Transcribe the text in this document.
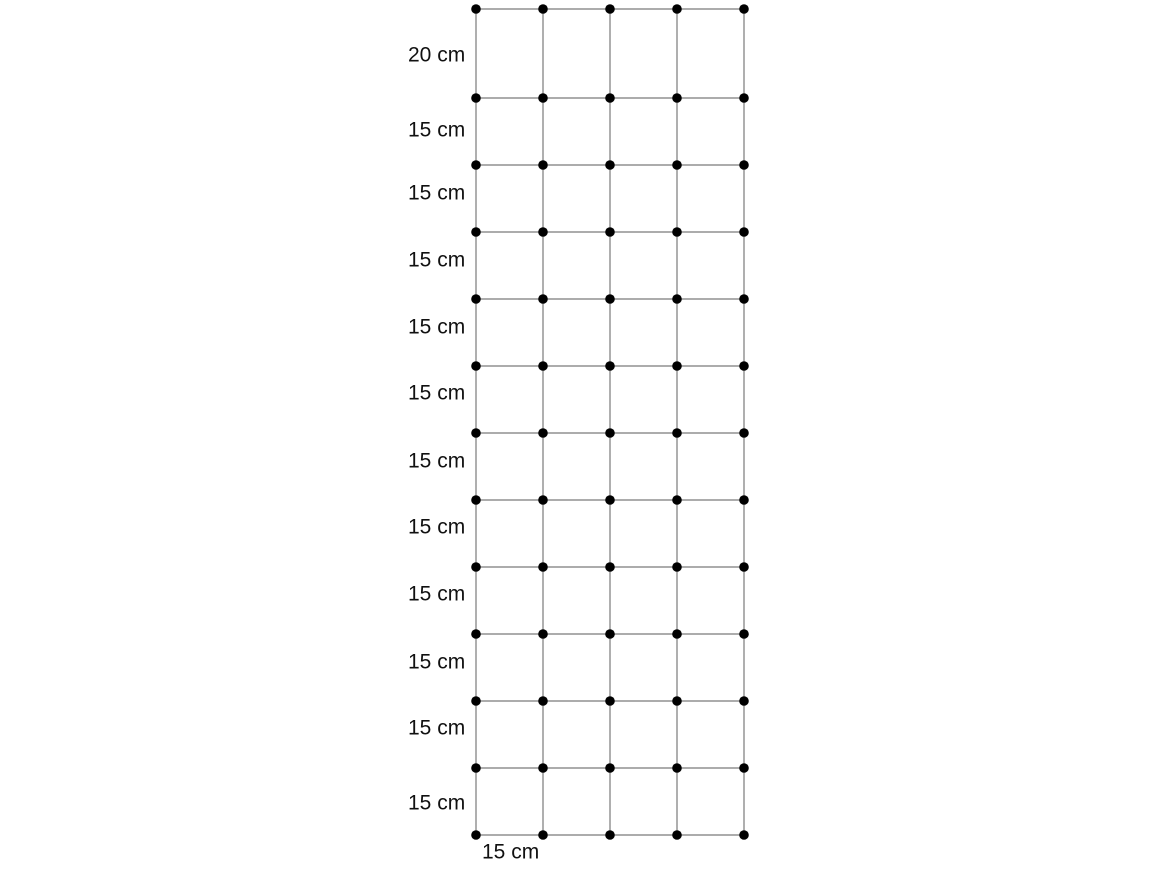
20 cm
15 cm
15 cm
15 cm
15 cm
15 cm
15 cm
15 cm
15 cm
15 cm
15 cm
15 cm
15 cm
